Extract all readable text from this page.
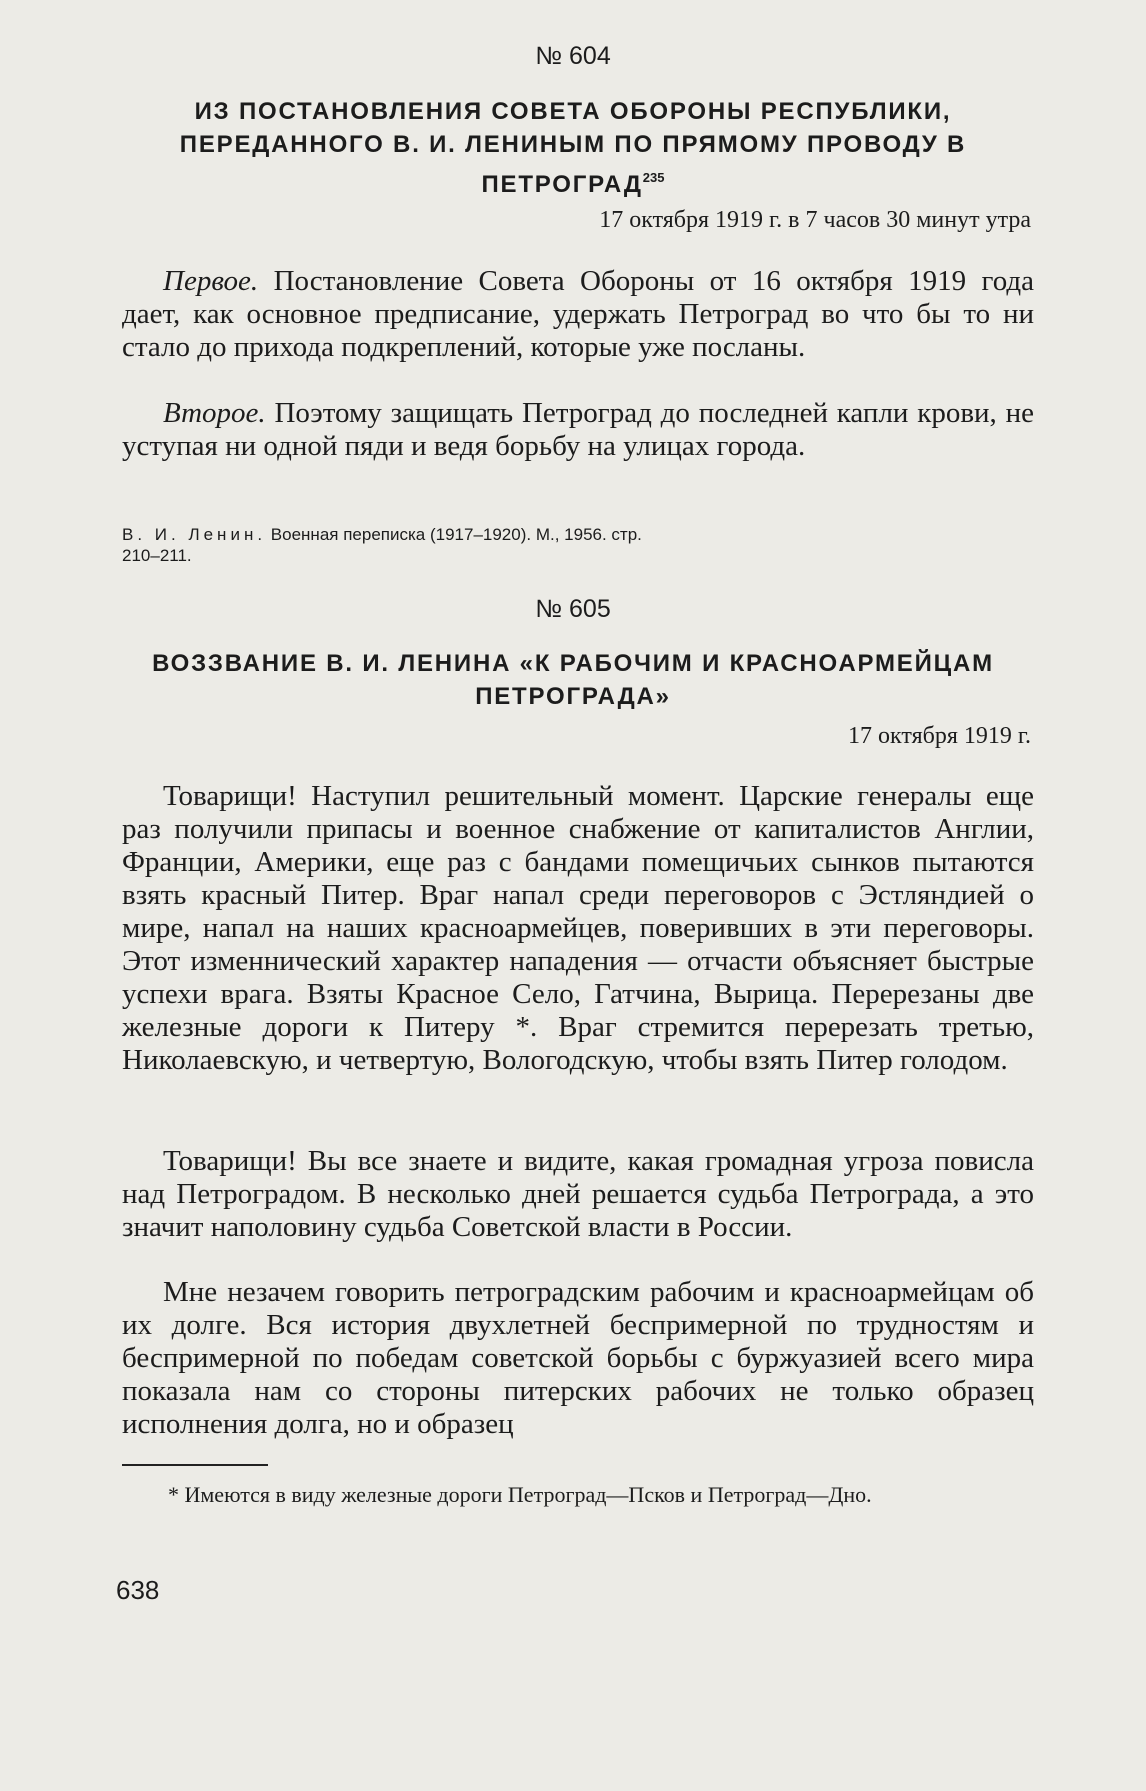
№ 604
ИЗ ПОСТАНОВЛЕНИЯ СОВЕТА ОБОРОНЫ РЕСПУБЛИКИ, ПЕРЕДАННОГО В. И. ЛЕНИНЫМ ПО ПРЯМОМУ ПРОВОДУ В ПЕТРОГРАД$^{235}$
17 октября 1919 г. в 7 часов 30 минут утра

Первое. Постановление Совета Обороны от 16 октября 1919 года дает, как основное предписание, удержать Петроград во что бы то ни стало до прихода подкреплений, которые уже посланы.

Второе. Поэтому защищать Петроград до последней капли крови, не уступая ни одной пяди и ведя борьбу на улицах города.

В. И. Ленин. Военная переписка (1917–1920). М., 1956. стр. 210–211.
№ 605
ВОЗЗВАНИЕ В. И. ЛЕНИНА «К РАБОЧИМ И КРАСНОАРМЕЙЦАМ ПЕТРОГРАДА»
17 октября 1919 г.

Товарищи! Наступил решительный момент. Царские генералы еще раз получили припасы и военное снабжение от капиталистов Англии, Франции, Америки, еще раз с бандами помещичьих сынков пытаются взять красный Питер. Враг напал среди переговоров с Эстляндией о мире, напал на наших красноармейцев, поверивших в эти переговоры. Этот изменнический характер нападения — отчасти объясняет быстрые успехи врага. Взяты Красное Село, Гатчина, Вырица. Перерезаны две железные дороги к Питеру *. Враг стремится перерезать третью, Николаевскую, и четвертую, Вологодскую, чтобы взять Питер голодом.

Товарищи! Вы все знаете и видите, какая громадная угроза повисла над Петроградом. В несколько дней решается судьба Петрограда, а это значит наполовину судьба Советской власти в России.

Мне незачем говорить петроградским рабочим и красноармейцам об их долге. Вся история двухлетней беспримерной по трудностям и беспримерной по победам советской борьбы с буржуазией всего мира показала нам со стороны питерских рабочих не только образец исполнения долга, но и образец

* Имеются в виду железные дороги Петроград—Псков и Петроград—Дно.
638
